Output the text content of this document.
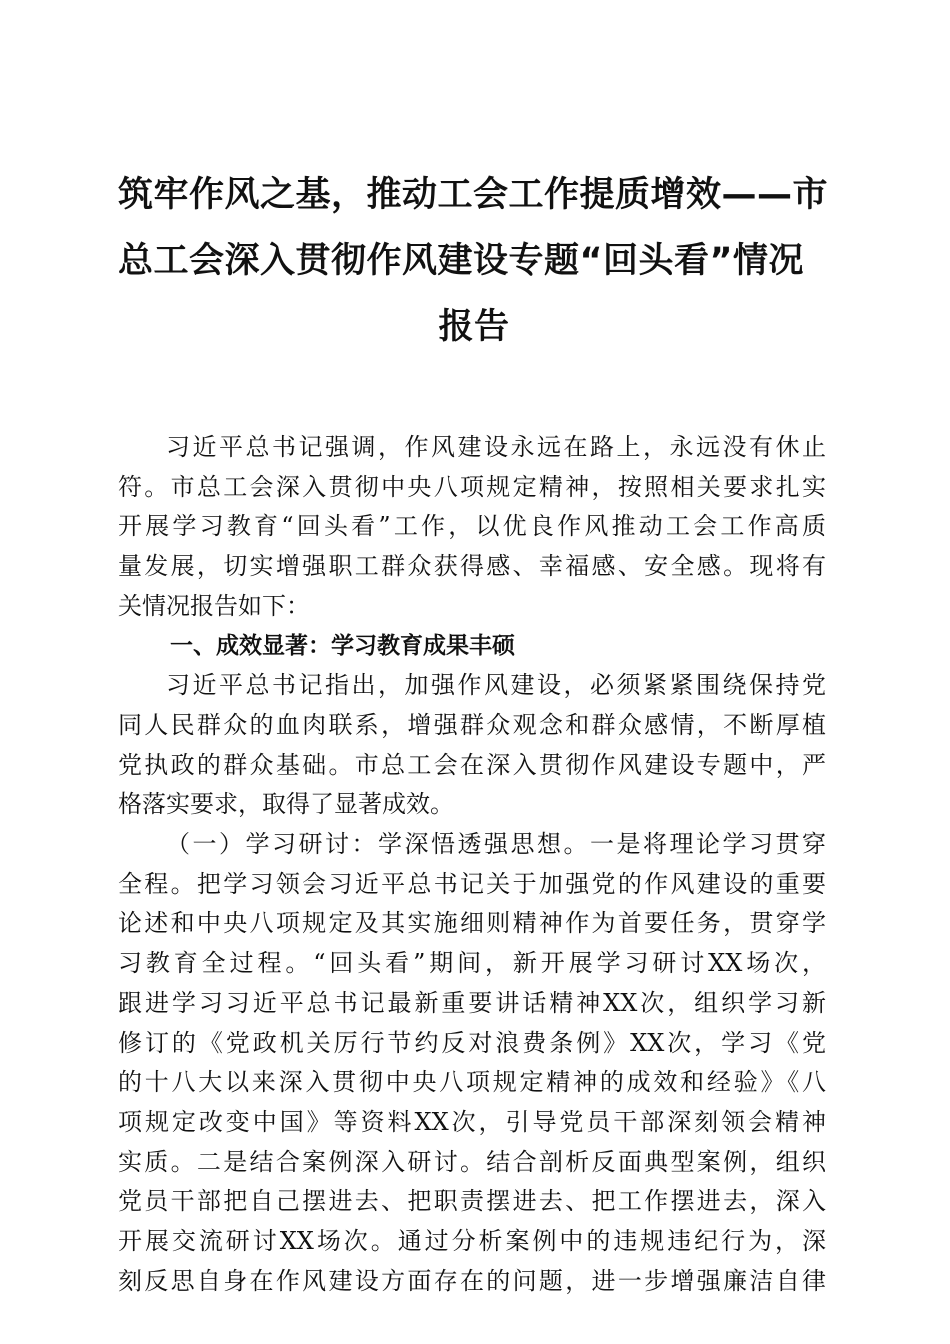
筑牢作风之基，推动工会工作提质增效——市
总工会深入贯彻作风建设专题“回头看”情况
报告

习近平总书记强调，作风建设永远在路上，永远没有休止
符。市总工会深入贯彻中央八项规定精神，按照相关要求扎实
开展学习教育“回头看”工作，以优良作风推动工会工作高质
量发展，切实增强职工群众获得感、幸福感、安全感。现将有
关情况报告如下：

一、成效显著：学习教育成果丰硕

习近平总书记指出，加强作风建设，必须紧紧围绕保持党
同人民群众的血肉联系，增强群众观念和群众感情，不断厚植
党执政的群众基础。市总工会在深入贯彻作风建设专题中，严
格落实要求，取得了显著成效。

（一）学习研讨：学深悟透强思想。一是将理论学习贯穿
全程。把学习领会习近平总书记关于加强党的作风建设的重要
论述和中央八项规定及其实施细则精神作为首要任务，贯穿学
习教育全过程。“回头看”期间，新开展学习研讨XX场次，
跟进学习习近平总书记最新重要讲话精神XX次，组织学习新
修订的《党政机关厉行节约反对浪费条例》XX次，学习《党
的十八大以来深入贯彻中央八项规定精神的成效和经验》《八
项规定改变中国》等资料XX次，引导党员干部深刻领会精神
实质。二是结合案例深入研讨。结合剖析反面典型案例，组织
党员干部把自己摆进去、把职责摆进去、把工作摆进去，深入
开展交流研讨XX场次。通过分析案例中的违规违纪行为，深
刻反思自身在作风建设方面存在的问题，进一步增强廉洁自律
